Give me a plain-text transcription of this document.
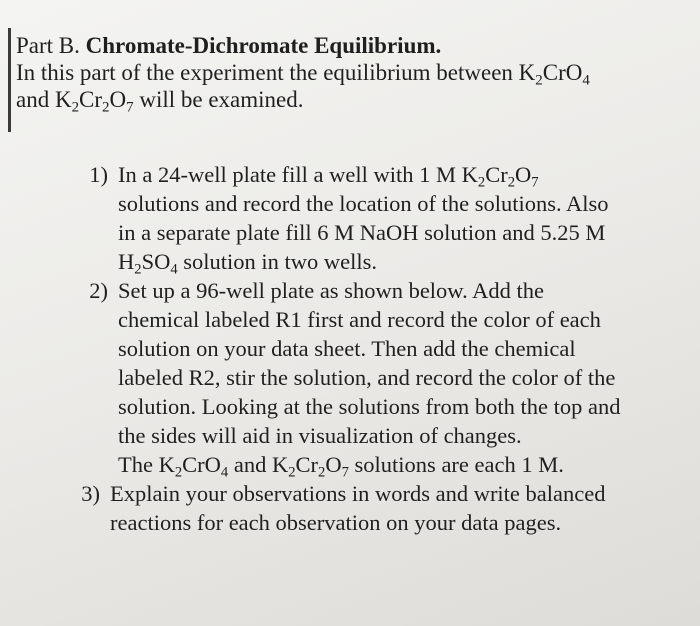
Part B. Chromate-Dichromate Equilibrium.
In this part of the experiment the equilibrium between $K_2CrO_4$
and $K_2Cr_2O_7$ will be examined.
1) In a 24-well plate fill a well with 1 M $K_2Cr_2O_7$
solutions and record the location of the solutions. Also
in a separate plate fill 6 M NaOH solution and 5.25 M
$H_2SO_4$ solution in two wells.
2) Set up a 96-well plate as shown below. Add the
chemical labeled R1 first and record the color of each
solution on your data sheet. Then add the chemical
labeled R2, stir the solution, and record the color of the
solution. Looking at the solutions from both the top and
the sides will aid in visualization of changes.
The $K_2CrO_4$ and $K_2Cr_2O_7$ solutions are each 1 M.
3) Explain your observations in words and write balanced
reactions for each observation on your data pages.
